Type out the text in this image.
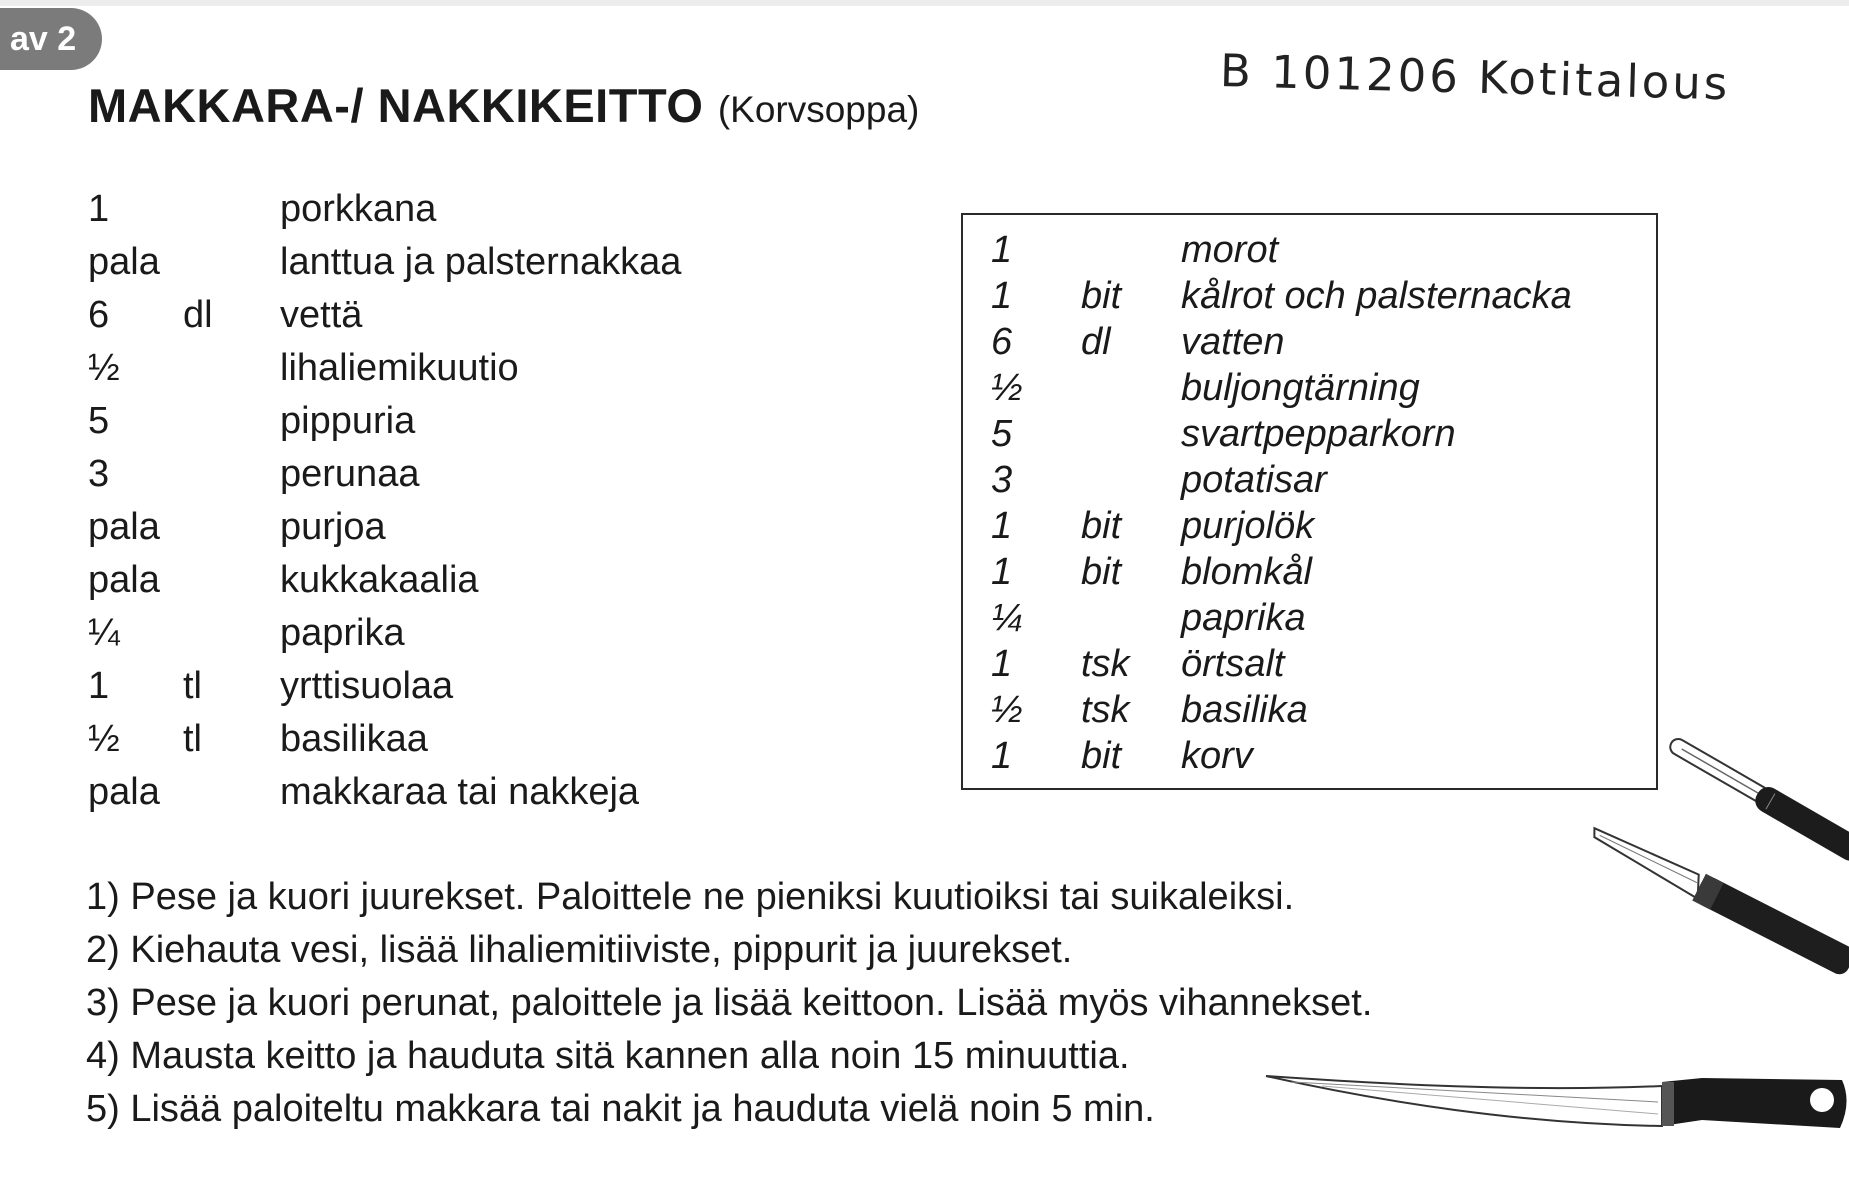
av 2
MAKKARA-/ NAKKIKEITTO (Korvsoppa)	B 101206 Kotitalous
1	porkkana
pala	lanttua ja palsternakkaa
6 dl vettä
½	lihaliemikuutio
5	pippuria
3	perunaa
pala	purjoa
pala	kukkakaalia
¼	paprika
1 tl yrttisuolaa
½ tl basilikaa
pala	makkaraa tai nakkeja
1	morot
1 bit kålrot och palsternacka
6 dl vatten
½	buljongtärning
5	svartpepparkorn
3	potatisar
1 bit purjolök
1 bit blomkål
¼	paprika
1 tsk örtsalt
½ tsk basilika
1 bit korv
1) Pese ja kuori juurekset. Paloittele ne pieniksi kuutioiksi tai suikaleiksi.
2) Kiehauta vesi, lisää lihaliemitiiviste, pippurit ja juurekset.
3) Pese ja kuori perunat, paloittele ja lisää keittoon. Lisää myös vihannekset.
4) Mausta keitto ja hauduta sitä kannen alla noin 15 minuuttia.
5) Lisää paloiteltu makkara tai nakit ja hauduta vielä noin 5 min.
